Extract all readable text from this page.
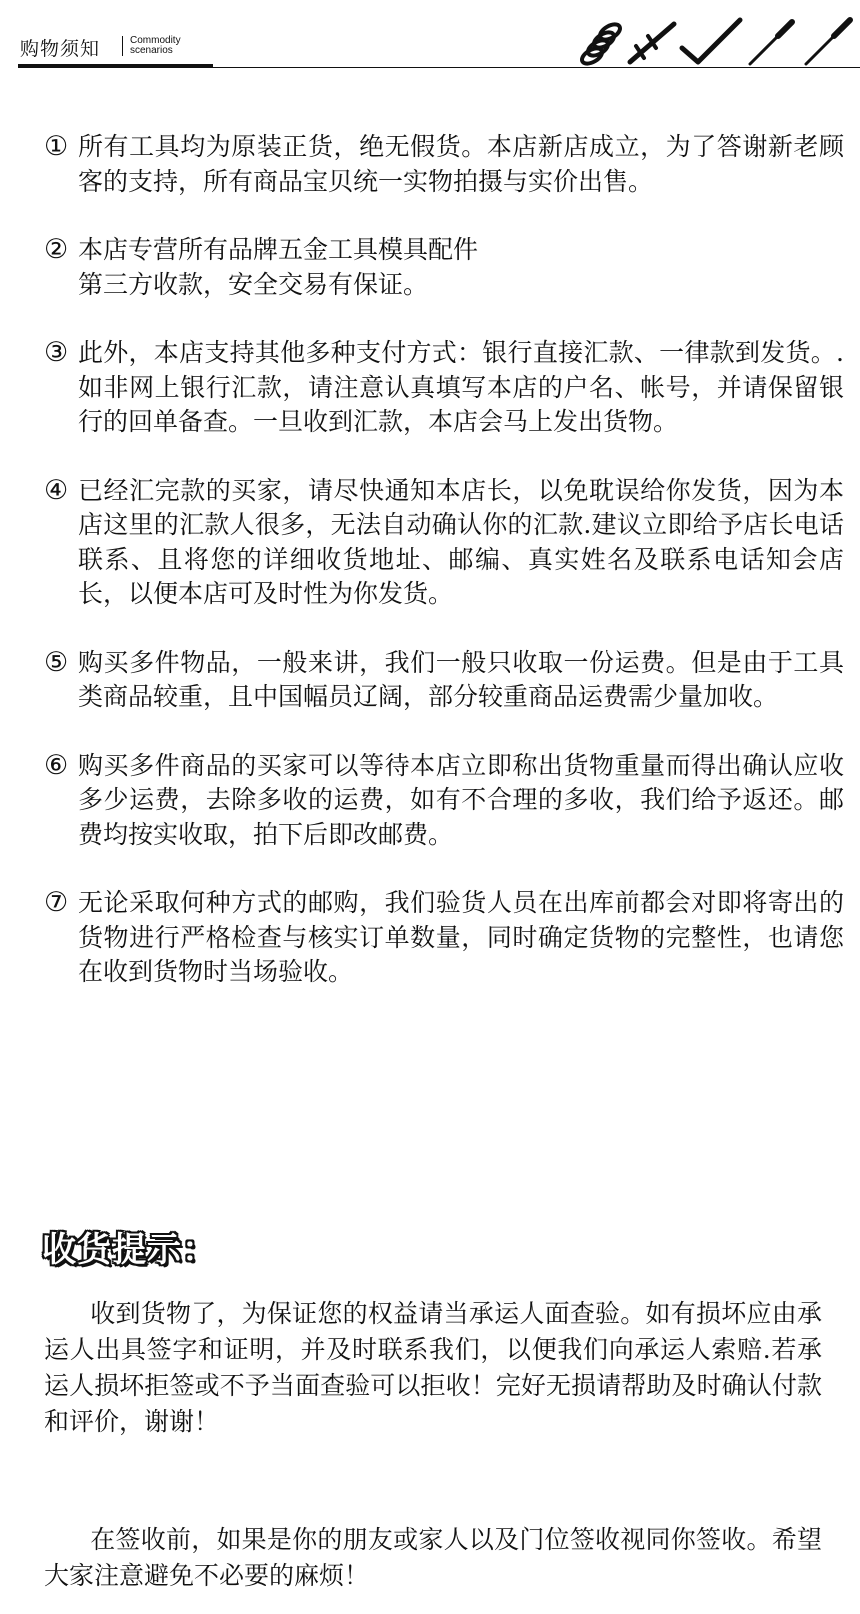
购物须知	Commodity
scenarios
① 所有工具均为原装正货，绝无假货。本店新店成立，为了答谢新老顾客的支持，所有商品宝贝统一实物拍摄与实价出售。
② 本店专营所有品牌五金工具模具配件
第三方收款，安全交易有保证。
③ 此外，本店支持其他多种支付方式：银行直接汇款、一律款到发货。.如非网上银行汇款，请注意认真填写本店的户名、帐号，并请保留银行的回单备查。一旦收到汇款，本店会马上发出货物。
④ 已经汇完款的买家，请尽快通知本店长，以免耽误给你发货，因为本店这里的汇款人很多，无法自动确认你的汇款.建议立即给予店长电话联系、且将您的详细收货地址、邮编、真实姓名及联系电话知会店长，以便本店可及时性为你发货。
⑤ 购买多件物品，一般来讲，我们一般只收取一份运费。但是由于工具类商品较重，且中国幅员辽阔，部分较重商品运费需少量加收。
⑥ 购买多件商品的买家可以等待本店立即称出货物重量而得出确认应收多少运费，去除多收的运费，如有不合理的多收，我们给予返还。邮费均按实收取，拍下后即改邮费。
⑦ 无论采取何种方式的邮购，我们验货人员在出库前都会对即将寄出的货物进行严格检查与核实订单数量，同时确定货物的完整性，也请您在收到货物时当场验收。
收货提示：
收到货物了，为保证您的权益请当承运人面查验。如有损坏应由承运人出具签字和证明，并及时联系我们，以便我们向承运人索赔.若承运人损坏拒签或不予当面查验可以拒收！完好无损请帮助及时确认付款和评价，谢谢！
在签收前，如果是你的朋友或家人以及门位签收视同你签收。希望大家注意避免不必要的麻烦！
